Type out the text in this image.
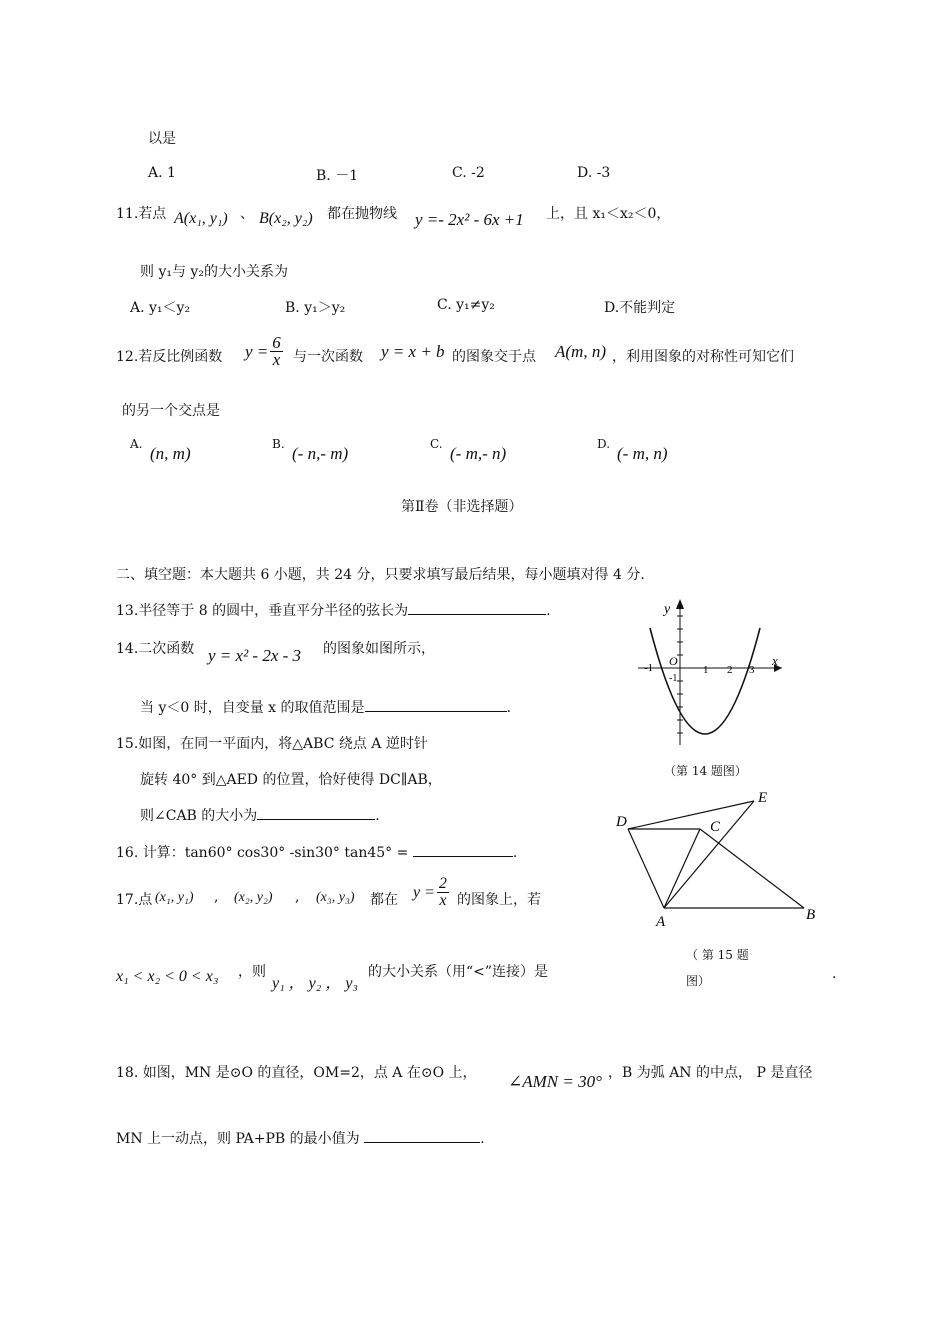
以是
A. 1	B. －1	C. -2	D. -3
11.若点 A(x₁, y₁) 、 B(x₂, y₂) 都在抛物线 y =- 2x² - 6x +1 上，且 x₁＜x₂＜0，
则 y₁与 y₂的大小关系为
A. y₁＜y₂	B. y₁＞y₂	C. y₁≠y₂	D.不能判定
12.若反比例函数 $y = \frac{6}{x}$ 与一次函数 y = x + b 的图象交于点 A(m, n) ，利用图象的对称性可知它们
的另一个交点是
A. (n, m)	B. (- n,- m)	C. (- m,- n)	D. (- m, n)
第Ⅱ卷（非选择题）
二、填空题：本大题共 6 小题，共 24 分，只要求填写最后结果，每小题填对得 4 分.
13.半径等于 8 的圆中，垂直平分半径的弦长为	.
14.二次函数 y = x² - 2x - 3 的图象如图所示，
当 y＜0 时，自变量 x 的取值范围是	.
15.如图，在同一平面内，将△ABC 绕点 A 逆时针
旋转 40° 到△AED 的位置，恰好使得 DC∥AB，
则∠CAB 的大小为	.
16. 计算：tan60° cos30° -sin30° tan45° =	.
17.点 (x₁, y₁) , (x₂, y₂) , (x₃, y₃) 都在 $y = \frac{2}{x}$ 的图象上，若
x₁ < x₂ < 0 < x₃ ，则
y₁ ， y₂ ， y₃
的大小关系（用“<”连接）是	.
18. 如图，MN 是⊙O 的直径，OM=2，点 A 在⊙O 上， ∠AMN = 30° ，B 为弧 AN 的中点， P 是直径
MN 上一动点，则 PA+PB 的最小值为	.
y
x
O
-1	1 2 3
-1
（第 14 题图）
D	C
E
A	B
（ 第 15 题
图）
